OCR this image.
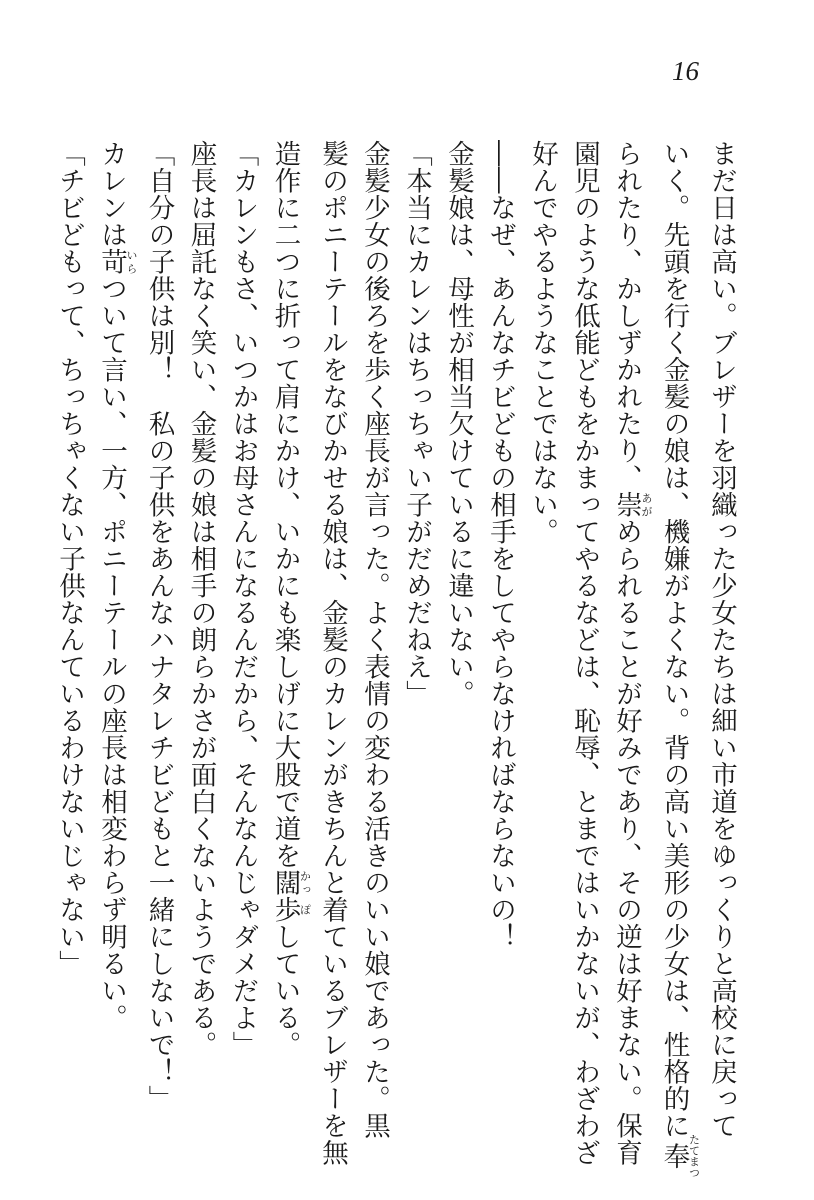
16
まだ日は高い。ブレザーを羽織った少女たちは細い市道をゆっくりと高校に戻って
いく。先頭を行く金髪の娘は、機嫌がよくない。背の高い美形の少女は、性格的に奉たてまつ
られたり、かしずかれたり、崇あがめられることが好みであり、その逆は好まない。保育
園児のような低能どもをかまってやるなどは、恥辱、とまではいかないが、わざわざ
好んでやるようなことではない。
――なぜ、あんなチビどもの相手をしてやらなければならないの！
金髪娘は、母性が相当欠けているに違いない。
「本当にカレンはちっちゃい子がだめだねえ」
金髪少女の後ろを歩く座長が言った。よく表情の変わる活きのいい娘であった。黒
髪のポニーテールをなびかせる娘は、金髪のカレンがきちんと着ているブレザーを無
造作に二つに折って肩にかけ、いかにも楽しげに大股で道を闊かっ歩ぽしている。
「カレンもさ、いつかはお母さんになるんだから、そんなんじゃダメだよ」
座長は屈託なく笑い、金髪の娘は相手の朗らかさが面白くないようである。
「自分の子供は別！　私の子供をあんなハナタレチビどもと一緒にしないで！」
カレンは苛いらついて言い、一方、ポニーテールの座長は相変わらず明るい。
「チビどもって、ちっちゃくない子供なんているわけないじゃない」
